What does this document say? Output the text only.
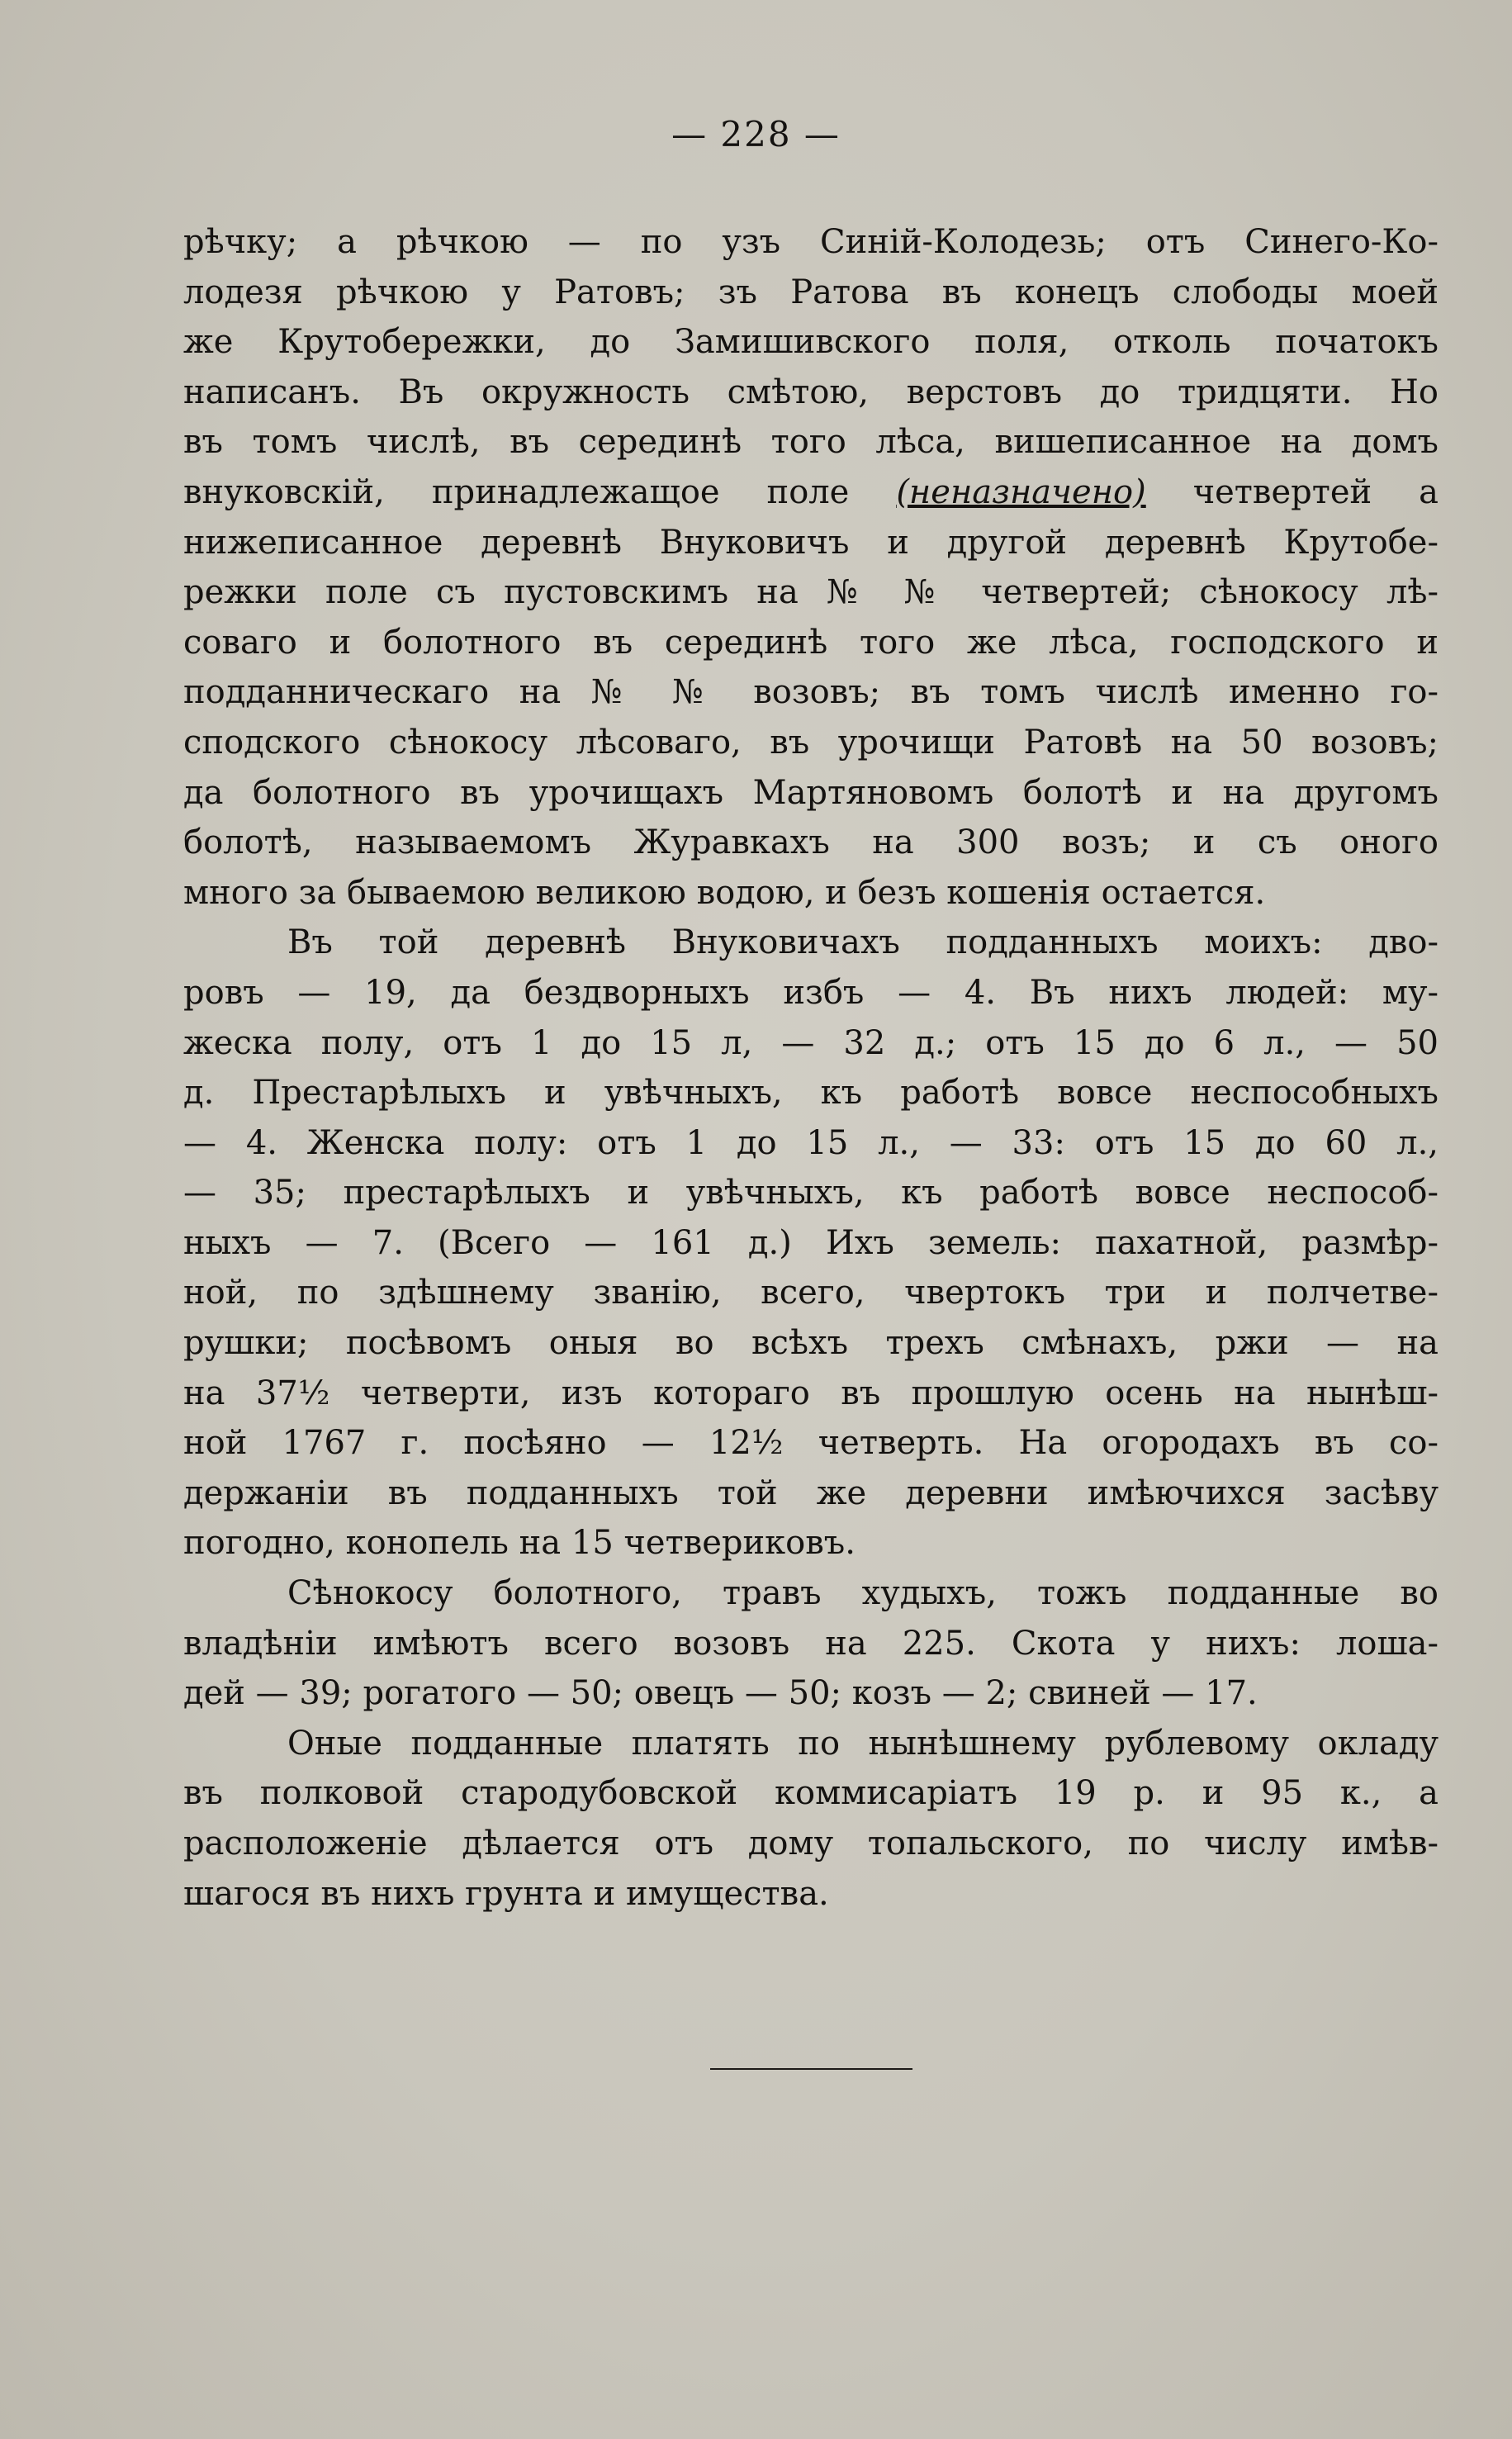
— 228 —
рѣчку; а рѣчкою — по узъ Синій-Колодезь; отъ Синего-Ко-
лодезя рѣчкою у Ратовъ; зъ Ратова въ конецъ слободы моей
же Крутобережки, до Замишивского поля, отколь початокъ
написанъ. Въ окружность смѣтою, верстовъ до тридцяти. Но
въ томъ числѣ, въ серединѣ того лѣса, вишеписанное на домъ
внуковскій, принадлежащое поле (неназначено) четвертей а
нижеписанное деревнѣ Внуковичъ и другой деревнѣ Крутобе-
режки поле съ пустовскимъ на № № четвертей; сѣнокосу лѣ-
соваго и болотного въ серединѣ того же лѣса, господского и
подданническаго на № № возовъ; въ томъ числѣ именно го-
сподского сѣнокосу лѣсоваго, въ урочищи Ратовѣ на 50 возовъ;
да болотного въ урочищахъ Мартяновомъ болотѣ и на другомъ
болотѣ, называемомъ Журавкахъ на 300 возъ; и съ оного
много за бываемою великою водою, и безъ кошенія остается.
Въ той деревнѣ Внуковичахъ подданныхъ моихъ: дво-
ровъ — 19, да бездворныхъ избъ — 4. Въ нихъ людей: му-
жеска полу, отъ 1 до 15 л, — 32 д.; отъ 15 до 6 л., — 50
д. Престарѣлыхъ и увѣчныхъ, къ работѣ вовсе неспособныхъ
— 4. Женска полу: отъ 1 до 15 л., — 33: отъ 15 до 60 л.,
— 35; престарѣлыхъ и увѣчныхъ, къ работѣ вовсе неспособ-
ныхъ — 7. (Всего — 161 д.) Ихъ земель: пахатной, размѣр-
ной, по здѣшнему званію, всего, чвертокъ три и полчетве-
рушки; посѣвомъ оныя во всѣхъ трехъ смѣнахъ, ржи — на
на 37½ четверти, изъ котораго въ прошлую осень на нынѣш-
ной 1767 г. посѣяно — 12½ четверть. На огородахъ въ со-
держаніи въ подданныхъ той же деревни имѣючихся засѣву
погодно, конопель на 15 четвериковъ.
Сѣнокосу болотного, травъ худыхъ, тожъ подданные во
владѣніи имѣютъ всего возовъ на 225. Скота у нихъ: лоша-
дей — 39; рогатого — 50; овецъ — 50; козъ — 2; свиней — 17.
Оные подданные платять по нынѣшнему рублевому окладу
въ полковой стародубовской коммисаріатъ 19 р. и 95 к., а
расположеніе дѣлается отъ дому топальского, по числу имѣв-
шагося въ нихъ грунта и имущества.
